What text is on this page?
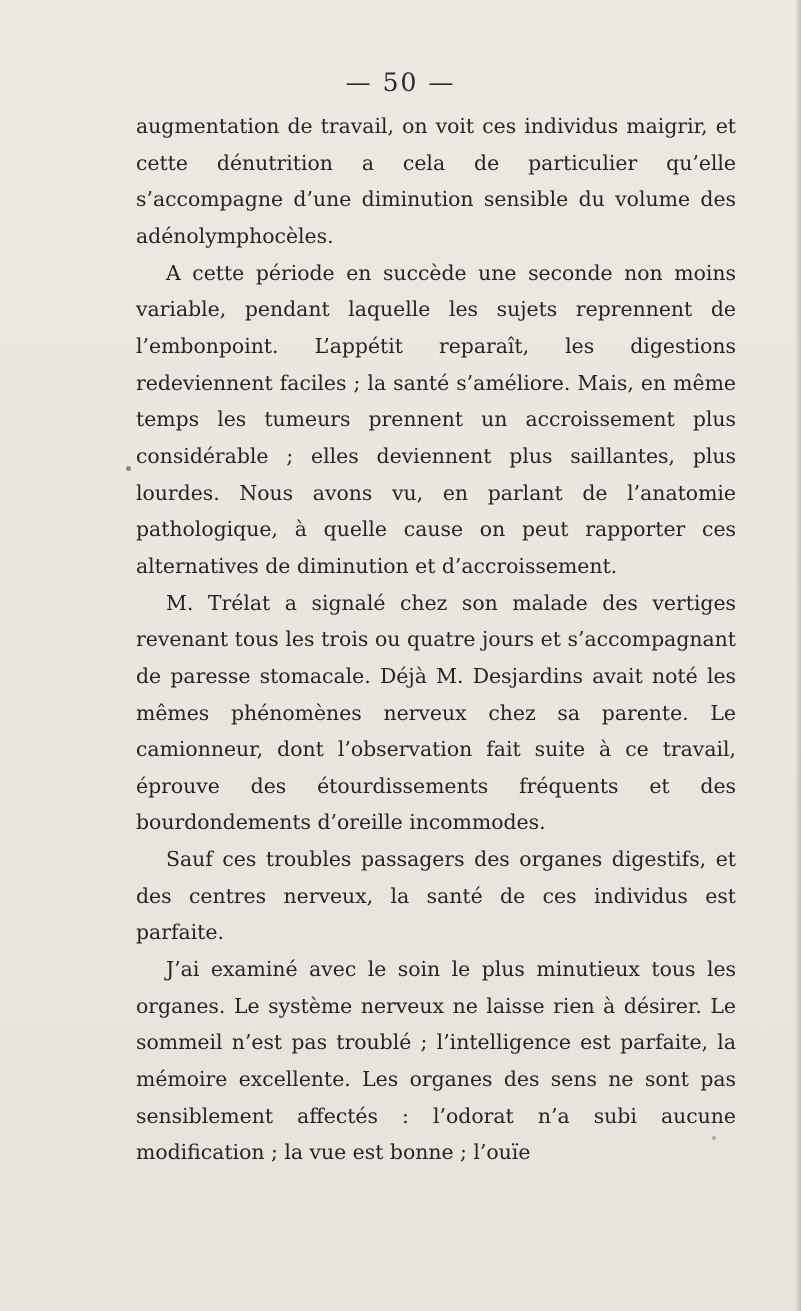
— 50 —

augmentation de travail, on voit ces individus maigrir, et cette dénutrition a cela de particulier qu’elle s’accompagne d’une diminution sensible du volume des adénolymphocèles.

A cette période en succède une seconde non moins variable, pendant laquelle les sujets reprennent de l’embonpoint. L’appétit reparaît, les digestions redeviennent faciles ; la santé s’améliore. Mais, en même temps les tumeurs prennent un accroissement plus considérable ; elles deviennent plus saillantes, plus lourdes. Nous avons vu, en parlant de l’anatomie pathologique, à quelle cause on peut rapporter ces alternatives de diminution et d’accroissement.

M. Trélat a signalé chez son malade des vertiges revenant tous les trois ou quatre jours et s’accompagnant de paresse stomacale. Déjà M. Desjardins avait noté les mêmes phénomènes nerveux chez sa parente. Le camionneur, dont l’observation fait suite à ce travail, éprouve des étourdissements fréquents et des bourdondements d’oreille incommodes.

Sauf ces troubles passagers des organes digestifs, et des centres nerveux, la santé de ces individus est parfaite.

J’ai examiné avec le soin le plus minutieux tous les organes. Le système nerveux ne laisse rien à désirer. Le sommeil n’est pas troublé ; l’intelligence est parfaite, la mémoire excellente. Les organes des sens ne sont pas sensiblement affectés : l’odorat n’a subi aucune modification ; la vue est bonne ; l’ouïe
